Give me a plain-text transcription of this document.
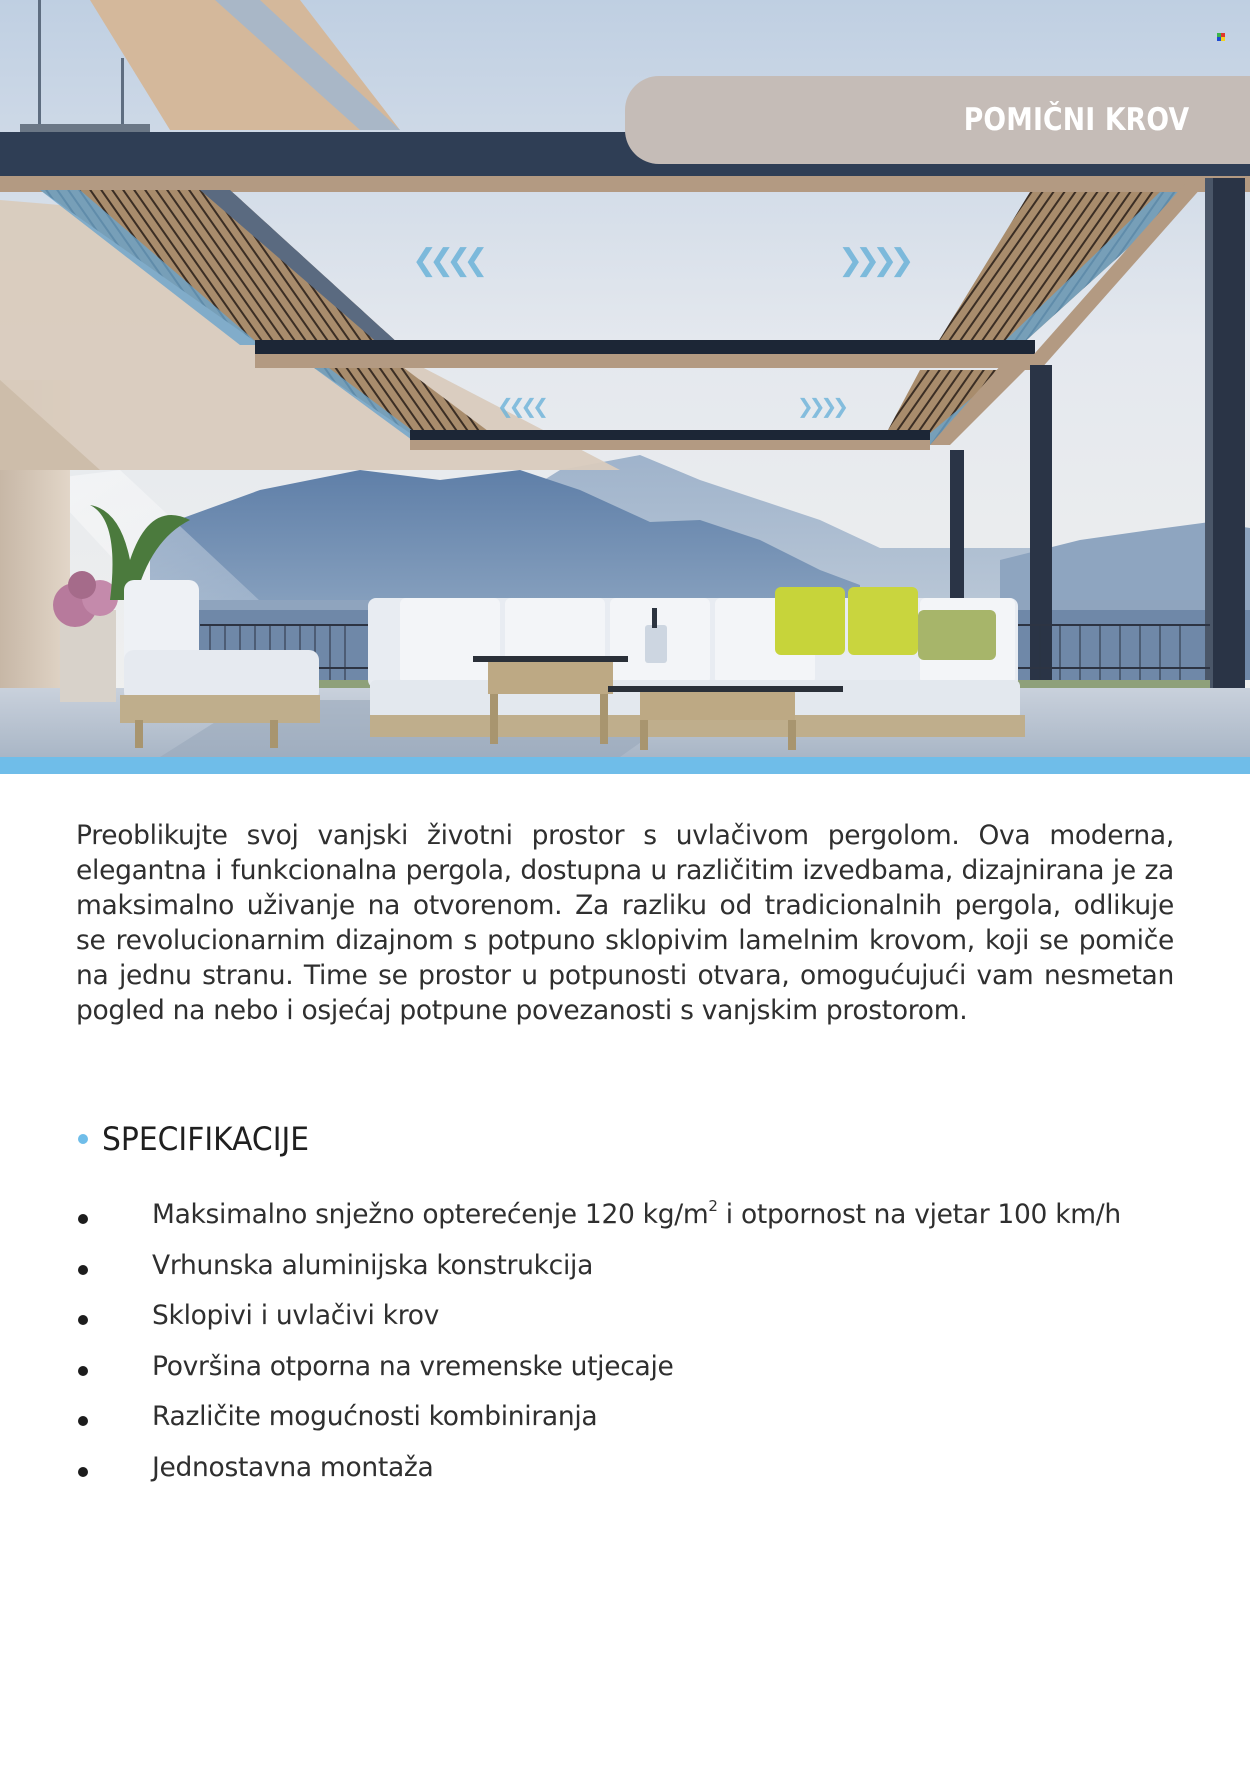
❮❮❮❮	❯❯❯❯
❮❮❮❮	❯❯❯❯
POMIČNI KROV
Preoblikujte svoj vanjski životni prostor s uvlačivom pergolom. Ova moderna,
elegantna i funkcionalna pergola, dostupna u različitim izvedbama, dizajnirana je za
maksimalno uživanje na otvorenom. Za razliku od tradicionalnih pergola, odlikuje
se revolucionarnim dizajnom s potpuno sklopivim lamelnim krovom, koji se pomiče
na jednu stranu. Time se prostor u potpunosti otvara, omogućujući vam nesmetan
pogled na nebo i osjećaj potpune povezanosti s vanjskim prostorom.
SPECIFIKACIJE
Maksimalno snježno opterećenje 120 $kg/m^2$ i otpornost na vjetar 100 km/h
Vrhunska aluminijska konstrukcija
Sklopivi i uvlačivi krov
Površina otporna na vremenske utjecaje
Različite mogućnosti kombiniranja
Jednostavna montaža
